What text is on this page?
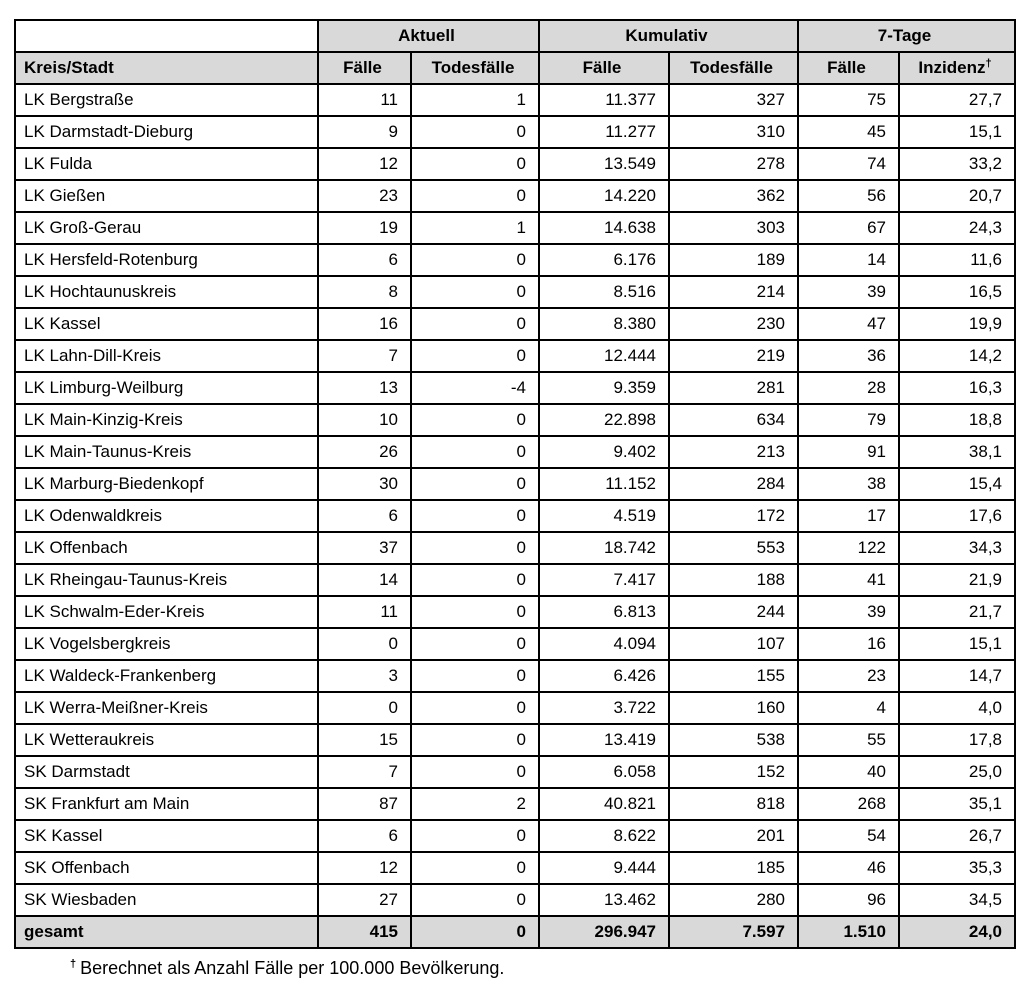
	Aktuell		Kumulativ		7-Tage	
Kreis/Stadt	Fälle	Todesfälle	Fälle	Todesfälle	Fälle	Inzidenz†
LK Bergstraße	11	1	11.377	327	75	27,7
LK Darmstadt-Dieburg	9	0	11.277	310	45	15,1
LK Fulda	12	0	13.549	278	74	33,2
LK Gießen	23	0	14.220	362	56	20,7
LK Groß-Gerau	19	1	14.638	303	67	24,3
LK Hersfeld-Rotenburg	6	0	6.176	189	14	11,6
LK Hochtaunuskreis	8	0	8.516	214	39	16,5
LK Kassel	16	0	8.380	230	47	19,9
LK Lahn-Dill-Kreis	7	0	12.444	219	36	14,2
LK Limburg-Weilburg	13	-4	9.359	281	28	16,3
LK Main-Kinzig-Kreis	10	0	22.898	634	79	18,8
LK Main-Taunus-Kreis	26	0	9.402	213	91	38,1
LK Marburg-Biedenkopf	30	0	11.152	284	38	15,4
LK Odenwaldkreis	6	0	4.519	172	17	17,6
LK Offenbach	37	0	18.742	553	122	34,3
LK Rheingau-Taunus-Kreis	14	0	7.417	188	41	21,9
LK Schwalm-Eder-Kreis	11	0	6.813	244	39	21,7
LK Vogelsbergkreis	0	0	4.094	107	16	15,1
LK Waldeck-Frankenberg	3	0	6.426	155	23	14,7
LK Werra-Meißner-Kreis	0	0	3.722	160	4	4,0
LK Wetteraukreis	15	0	13.419	538	55	17,8
SK Darmstadt	7	0	6.058	152	40	25,0
SK Frankfurt am Main	87	2	40.821	818	268	35,1
SK Kassel	6	0	8.622	201	54	26,7
SK Offenbach	12	0	9.444	185	46	35,3
SK Wiesbaden	27	0	13.462	280	96	34,5
gesamt	415	0	296.947	7.597	1.510	24,0
† Berechnet als Anzahl Fälle per 100.000 Bevölkerung.
